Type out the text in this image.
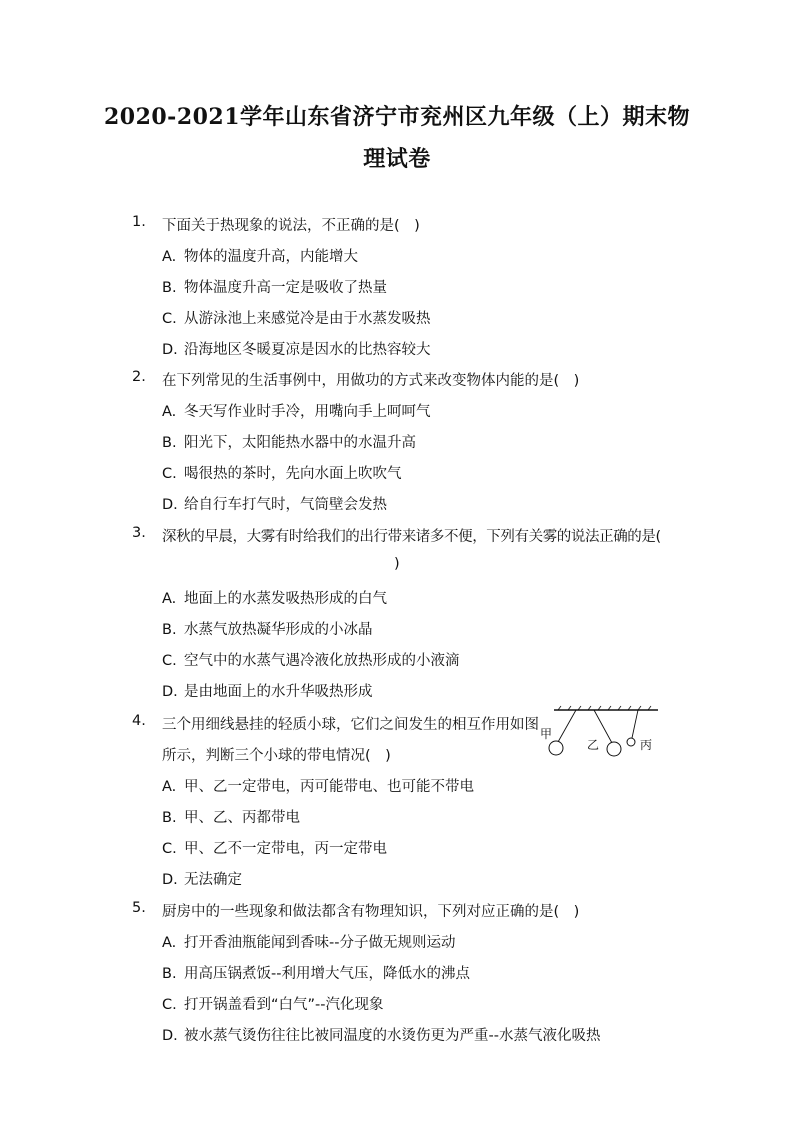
2020-2021学年山东省济宁市兖州区九年级（上）期末物
理试卷
1. 下面关于热现象的说法，不正确的是(　)
A. 物体的温度升高，内能增大
B. 物体温度升高一定是吸收了热量
C. 从游泳池上来感觉冷是由于水蒸发吸热
D. 沿海地区冬暖夏凉是因水的比热容较大
2. 在下列常见的生活事例中，用做功的方式来改变物体内能的是(　)
A. 冬天写作业时手冷，用嘴向手上呵呵气
B. 阳光下，太阳能热水器中的水温升高
C. 喝很热的茶时，先向水面上吹吹气
D. 给自行车打气时，气筒壁会发热
3. 深秋的早晨，大雾有时给我们的出行带来诸多不便，下列有关雾的说法正确的是(
)
A. 地面上的水蒸发吸热形成的白气
B. 水蒸气放热凝华形成的小冰晶
C. 空气中的水蒸气遇冷液化放热形成的小液滴
D. 是由地面上的水升华吸热形成
4. 三个用细线悬挂的轻质小球，它们之间发生的相互作用如图
所示，判断三个小球的带电情况(　)
A. 甲、乙一定带电，丙可能带电、也可能不带电
B. 甲、乙、丙都带电
C. 甲、乙不一定带电，丙一定带电
D. 无法确定
甲
乙	丙
5. 厨房中的一些现象和做法都含有物理知识，下列对应正确的是(　)
A. 打开香油瓶能闻到香味--分子做无规则运动
B. 用高压锅煮饭--利用增大气压，降低水的沸点
C. 打开锅盖看到“白气”--汽化现象
D. 被水蒸气烫伤往往比被同温度的水烫伤更为严重--水蒸气液化吸热
